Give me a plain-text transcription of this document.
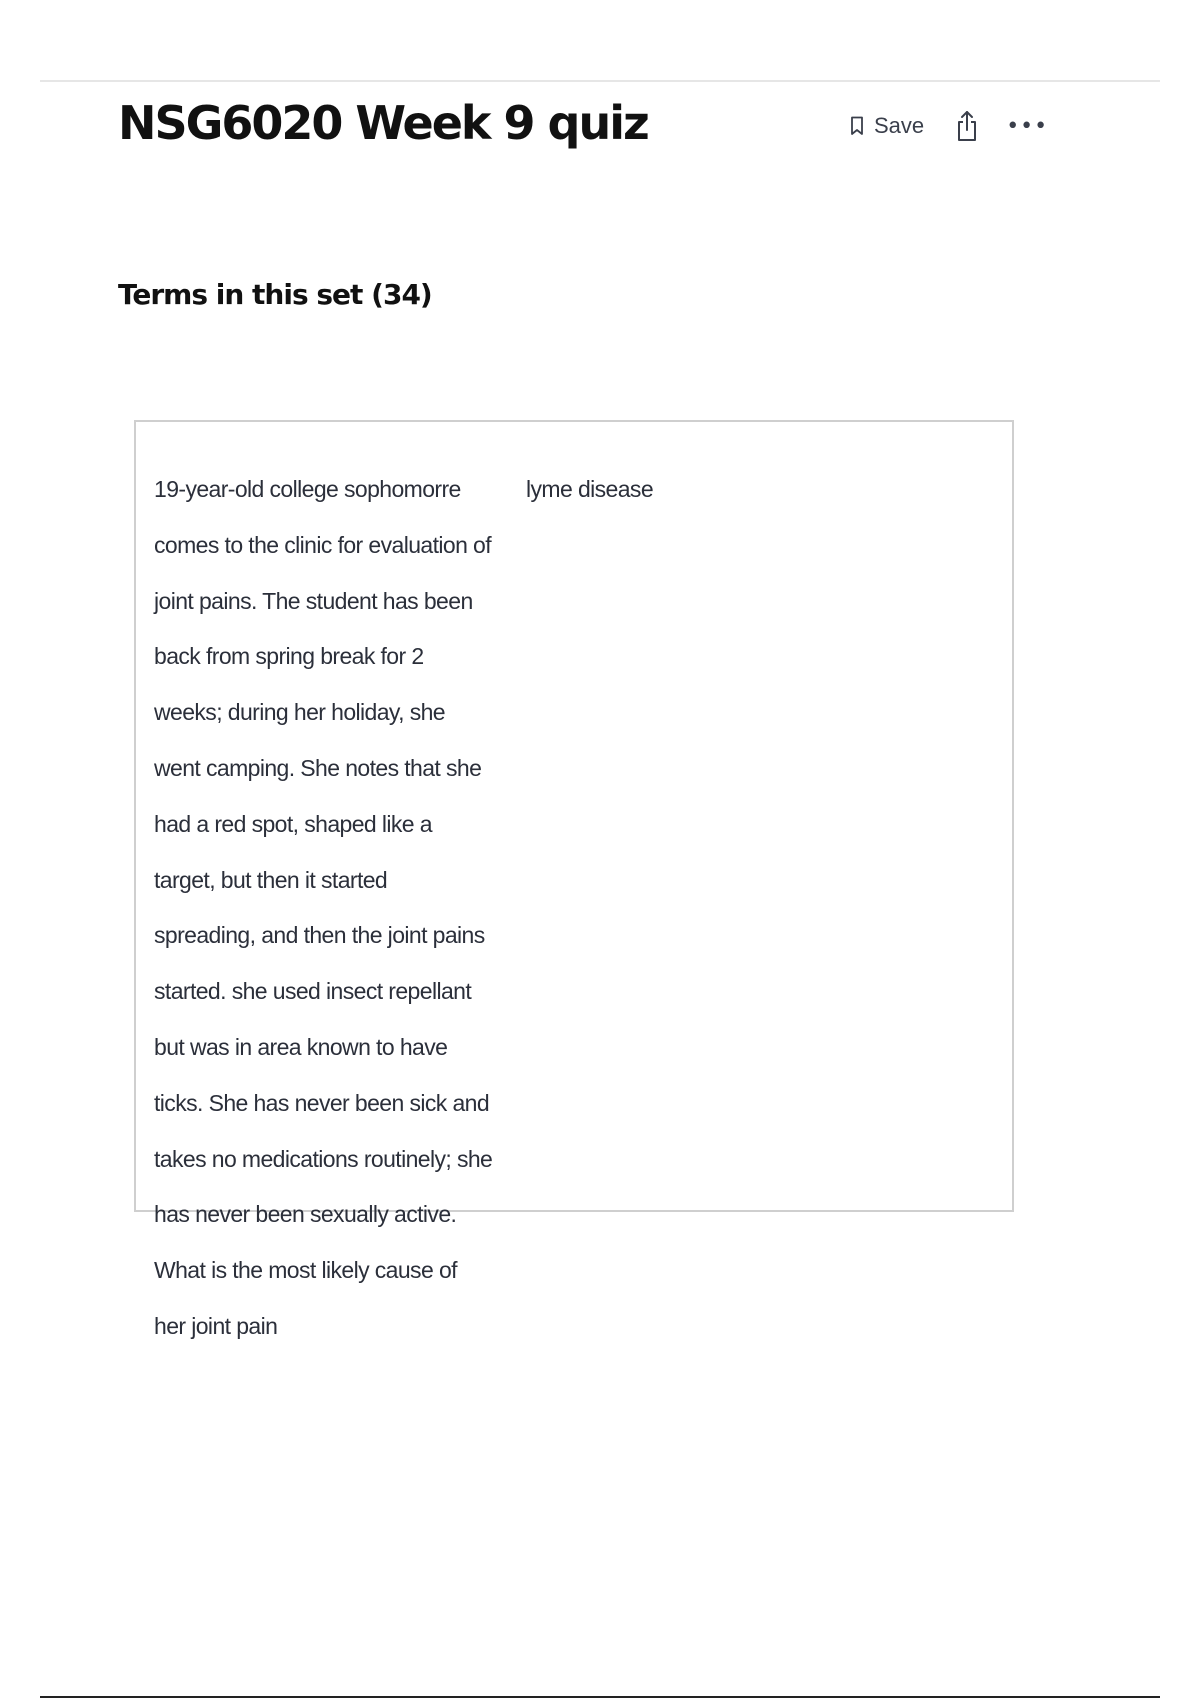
NSG6020 Week 9 quiz	Save	•••
Terms in this set (34)
19-year-old college sophomorre comes to the clinic for evaluation of joint pains. The student has been back from spring break for 2 weeks; during her holiday, she went camping. She notes that she had a red spot, shaped like a target, but then it started spreading, and then the joint pains started. she used insect repellant but was in area known to have ticks. She has never been sick and takes no medications routinely; she has never been sexually active. What is the most likely cause of her joint pain
lyme disease
